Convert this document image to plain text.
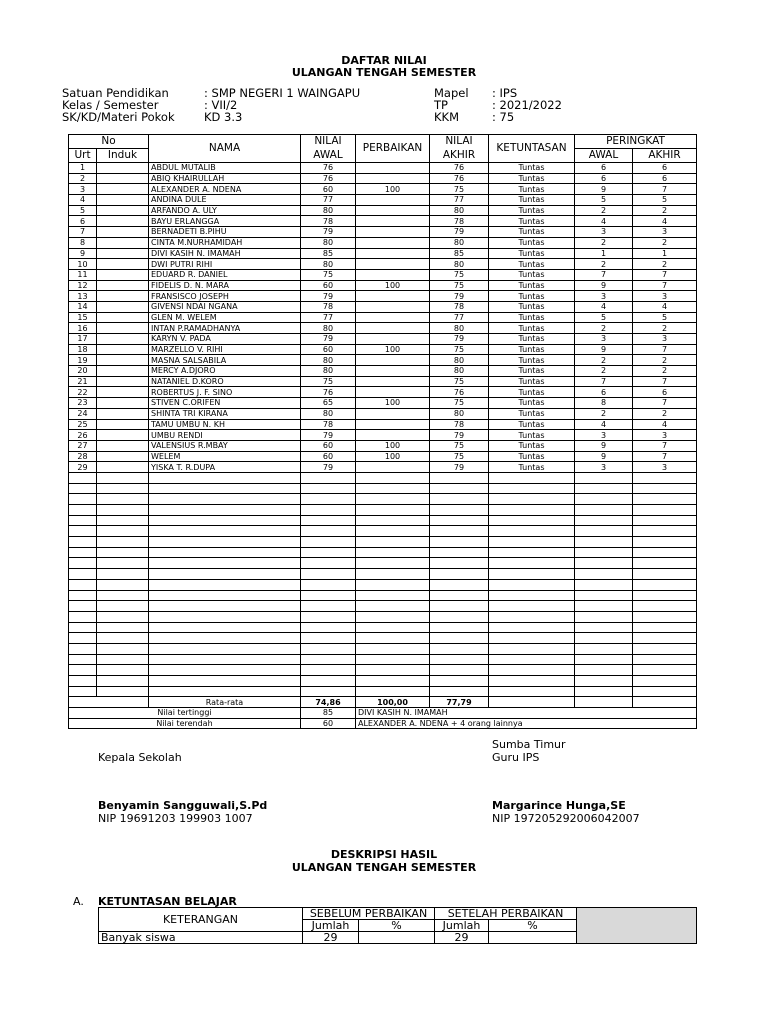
DAFTAR NILAI
ULANGAN TENGAH SEMESTER
Satuan Pendidikan	: SMP NEGERI 1 WAINGAPU
Kelas / Semester	: VII/2
SK/KD/Materi Pokok	KD 3.3
Mapel : IPS
TP	: 2021/2022
KKM	: 75
No		NAMA	NILAI	PERBAIKAN	NILAI	KETUNTASAN	PERINGKAT	
Urt	Induk		AWAL		AKHIR		AWAL	AKHIR
1		ABDUL MUTALIB	76		76	Tuntas	6	6
2		ABIQ KHAIRULLAH	76		76	Tuntas	6	6
3		ALEXANDER A. NDENA	60	100	75	Tuntas	9	7
4		ANDINA DULE	77		77	Tuntas	5	5
5		ARFANDO A. ULY	80		80	Tuntas	2	2
6		BAYU ERLANGGA	78		78	Tuntas	4	4
7		BERNADETI B.PIHU	79		79	Tuntas	3	3
8		CINTA M.NURHAMIDAH	80		80	Tuntas	2	2
9		DIVI KASIH N. IMAMAH	85		85	Tuntas	1	1
10		DWI PUTRI RIHI	80		80	Tuntas	2	2
11		EDUARD R. DANIEL	75		75	Tuntas	7	7
12		FIDELIS D. N. MARA	60	100	75	Tuntas	9	7
13		FRANSISCO JOSEPH	79		79	Tuntas	3	3
14		GIVENSI NDAI NGANA	78		78	Tuntas	4	4
15		GLEN M. WELEM	77		77	Tuntas	5	5
16		INTAN P.RAMADHANYA	80		80	Tuntas	2	2
17		KARYN V. PADA	79		79	Tuntas	3	3
18		MARZELLO V. RIHI	60	100	75	Tuntas	9	7
19		MASNA SALSABILA	80		80	Tuntas	2	2
20		MERCY A.DJORO	80		80	Tuntas	2	2
21		NATANIEL D.KORO	75		75	Tuntas	7	7
22		ROBERTUS J. F. SINO	76		76	Tuntas	6	6
23		STIVEN C.ORIFEN	65	100	75	Tuntas	8	7
24		SHINTA TRI KIRANA	80		80	Tuntas	2	2
25		TAMU UMBU N. KH	78		78	Tuntas	4	4
26		UMBU RENDI	79		79	Tuntas	3	3
27		VALENSIUS R.MBAY	60	100	75	Tuntas	9	7
28		WELEM	60	100	75	Tuntas	9	7
29		YISKA T. R.DUPA	79		79	Tuntas	3	3

		Rata-rata	74,86	100,00	77,79			
Nilai tertinggi			85	DIVI KASIH N. IMAMAH				
Nilai terendah			60	ALEXANDER A. NDENA + 4 orang lainnya				
Sumba Timur
Kepala Sekolah	Guru IPS
Benyamin Sangguwali,S.Pd
NIP 19691203 199903 1007
Margarince Hunga,SE
NIP 197205292006042007
DESKRIPSI HASIL
ULANGAN TENGAH SEMESTER
A. KETUNTASAN BELAJAR
KETERANGAN	SEBELUM PERBAIKAN		SETELAH PERBAIKAN		
	Jumlah	%	Jumlah	%	
Banyak siswa	29		29		
